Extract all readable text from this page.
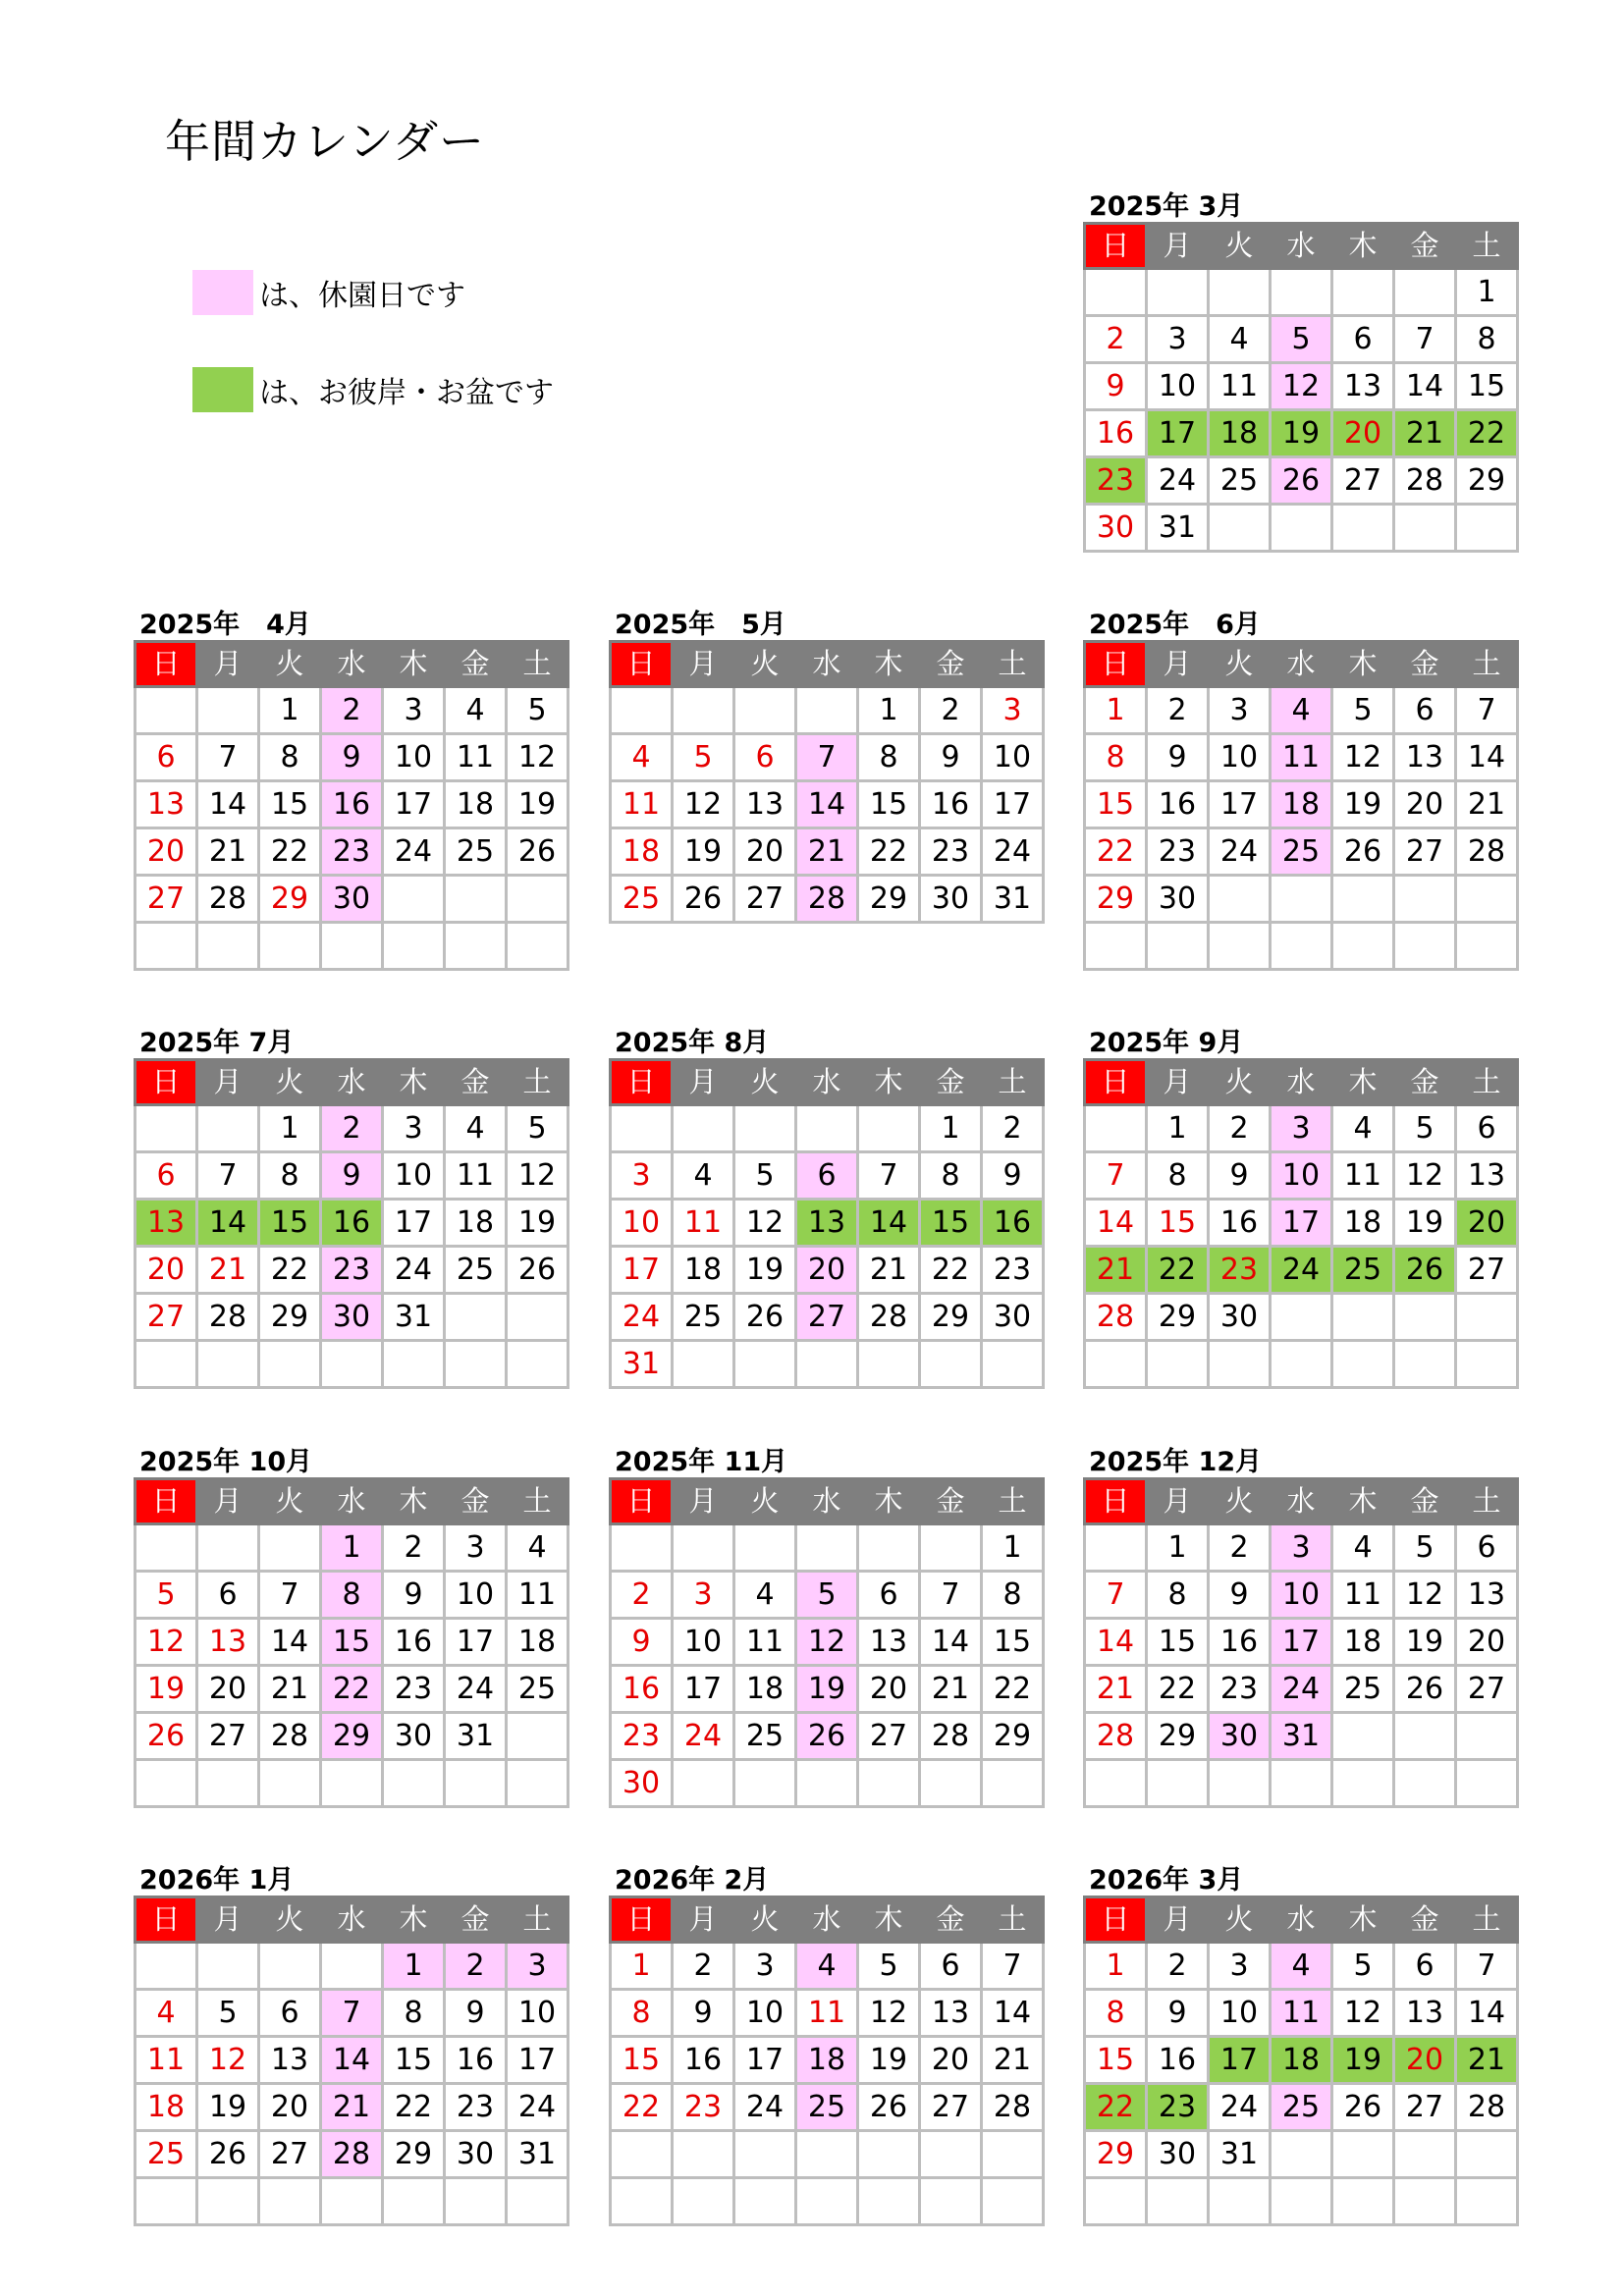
年間カレンダー
は、休園日です
は、お彼岸・お盆です
2025年 3月
日	月	火	水	木	金	土
						1
2	3	4	5	6	7	8
9	10	11	12	13	14	15
16	17	18	19	20	21	22
23	24	25	26	27	28	29
30	31					
2025年　4月
日	月	火	水	木	金	土
		1	2	3	4	5
6	7	8	9	10	11	12
13	14	15	16	17	18	19
20	21	22	23	24	25	26
27	28	29	30			

2025年　5月
日	月	火	水	木	金	土
				1	2	3
4	5	6	7	8	9	10
11	12	13	14	15	16	17
18	19	20	21	22	23	24
25	26	27	28	29	30	31
2025年　6月
日	月	火	水	木	金	土
1	2	3	4	5	6	7
8	9	10	11	12	13	14
15	16	17	18	19	20	21
22	23	24	25	26	27	28
29	30					

2025年 7月
日	月	火	水	木	金	土
		1	2	3	4	5
6	7	8	9	10	11	12
13	14	15	16	17	18	19
20	21	22	23	24	25	26
27	28	29	30	31		

2025年 8月
日	月	火	水	木	金	土
					1	2
3	4	5	6	7	8	9
10	11	12	13	14	15	16
17	18	19	20	21	22	23
24	25	26	27	28	29	30
31						
2025年 9月
日	月	火	水	木	金	土
	1	2	3	4	5	6
7	8	9	10	11	12	13
14	15	16	17	18	19	20
21	22	23	24	25	26	27
28	29	30				

2025年 10月
日	月	火	水	木	金	土
			1	2	3	4
5	6	7	8	9	10	11
12	13	14	15	16	17	18
19	20	21	22	23	24	25
26	27	28	29	30	31	

2025年 11月
日	月	火	水	木	金	土
						1
2	3	4	5	6	7	8
9	10	11	12	13	14	15
16	17	18	19	20	21	22
23	24	25	26	27	28	29
30						
2025年 12月
日	月	火	水	木	金	土
	1	2	3	4	5	6
7	8	9	10	11	12	13
14	15	16	17	18	19	20
21	22	23	24	25	26	27
28	29	30	31			

2026年 1月
日	月	火	水	木	金	土
				1	2	3
4	5	6	7	8	9	10
11	12	13	14	15	16	17
18	19	20	21	22	23	24
25	26	27	28	29	30	31

2026年 2月
日	月	火	水	木	金	土
1	2	3	4	5	6	7
8	9	10	11	12	13	14
15	16	17	18	19	20	21
22	23	24	25	26	27	28

2026年 3月
日	月	火	水	木	金	土
1	2	3	4	5	6	7
8	9	10	11	12	13	14
15	16	17	18	19	20	21
22	23	24	25	26	27	28
29	30	31				
